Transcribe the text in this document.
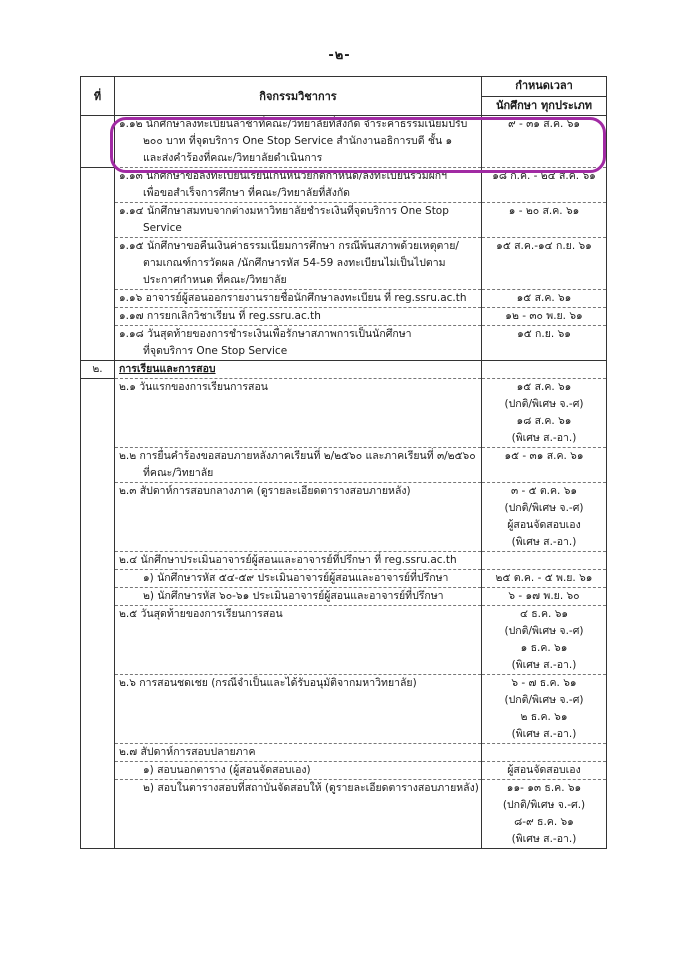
-๒-
ที่	กิจกรรมวิชาการ	กำหนดเวลา
		นักศึกษา ทุกประเภท

	๑.๑๒ นักศึกษาลงทะเบียนล่าช้าที่คณะ/วิทยาลัยที่สังกัด จำระค่าธรรมเนียมปรับ
๒๐๐ บาท ที่จุดบริการ One Stop Service สำนักงานอธิการบดี ชั้น ๑
และส่งคำร้องที่คณะ/วิทยาลัยดำเนินการ	๙ - ๓๑ ส.ค. ๖๑

	๑.๑๓ นักศึกษาขอลงทะเบียนเรียนเกินหน่วยกิตกำหนด/ลงทะเบียนร่วมฝึกฯ
เพื่อขอสำเร็จการศึกษา ที่คณะ/วิทยาลัยที่สังกัด	๑๘ ก.ค. - ๒๔ ส.ค. ๖๑

	๑.๑๔ นักศึกษาสมทบจากต่างมหาวิทยาลัยชำระเงินที่จุดบริการ One Stop
Service	๑ - ๒๐ ส.ค. ๖๑

	๑.๑๕ นักศึกษาขอคืนเงินค่าธรรมเนียมการศึกษา กรณีพ้นสภาพด้วยเหตุตาย/
ตามเกณฑ์การวัดผล /นักศึกษารหัส 54-59 ลงทะเบียนไม่เป็นไปตาม
ประกาศกำหนด ที่คณะ/วิทยาลัย	๑๕ ส.ค.-๑๔ ก.ย. ๖๑

	๑.๑๖ อาจารย์ผู้สอนออกรายงานรายชื่อนักศึกษาลงทะเบียน ที่ reg.ssru.ac.th	๑๕ ส.ค. ๖๑

	๑.๑๗ การยกเลิกวิชาเรียน ที่ reg.ssru.ac.th	๑๒ - ๓๐ พ.ย. ๖๑

	๑.๑๘ วันสุดท้ายของการชำระเงินเพื่อรักษาสภาพการเป็นนักศึกษา
ที่จุดบริการ One Stop Service	๑๕ ก.ย. ๖๑
๒.	การเรียนและการสอบ	

	๒.๑ วันแรกของการเรียนการสอน	๑๕ ส.ค. ๖๑
(ปกติ/พิเศษ จ.-ศ)
๑๘ ส.ค. ๖๑
(พิเศษ ส.-อา.)

	๒.๒ การยื่นคำร้องขอสอบภายหลังภาคเรียนที่ ๒/๒๕๖๐ และภาคเรียนที่ ๓/๒๕๖๐
ที่คณะ/วิทยาลัย	๑๕ - ๓๑ ส.ค. ๖๑

	๒.๓ สัปดาห์การสอบกลางภาค (ดูรายละเอียดตารางสอบภายหลัง)	๓ - ๕ ต.ค. ๖๑
(ปกติ/พิเศษ จ.-ศ)
ผู้สอนจัดสอบเอง
(พิเศษ ส.-อา.)

	๒.๔ นักศึกษาประเมินอาจารย์ผู้สอนและอาจารย์ที่ปรึกษา ที่ reg.ssru.ac.th	

	๑) นักศึกษารหัส ๕๔-๕๙ ประเมินอาจารย์ผู้สอนและอาจารย์ที่ปรึกษา	๒๕ ต.ค. - ๕ พ.ย. ๖๑

	๒) นักศึกษารหัส ๖๐-๖๑ ประเมินอาจารย์ผู้สอนและอาจารย์ที่ปรึกษา	๖ - ๑๗ พ.ย. ๖๐

	๒.๕ วันสุดท้ายของการเรียนการสอน	๔ ธ.ค. ๖๑
(ปกติ/พิเศษ จ.-ศ)
๑ ธ.ค. ๖๑
(พิเศษ ส.-อา.)

	๒.๖ การสอนชดเชย (กรณีจำเป็นและได้รับอนุมัติจากมหาวิทยาลัย)	๖ - ๗ ธ.ค. ๖๑
(ปกติ/พิเศษ จ.-ศ)
๒ ธ.ค. ๖๑
(พิเศษ ส.-อา.)

	๒.๗ สัปดาห์การสอบปลายภาค	

	๑) สอบนอกตาราง (ผู้สอนจัดสอบเอง)	ผู้สอนจัดสอบเอง

	๒) สอบในตารางสอบที่สถาบันจัดสอบให้ (ดูรายละเอียดตารางสอบภายหลัง)	๑๑- ๑๓ ธ.ค. ๖๑
(ปกติ/พิเศษ จ.-ศ.)
๘-๙ ธ.ค. ๖๑
(พิเศษ ส.-อา.)
